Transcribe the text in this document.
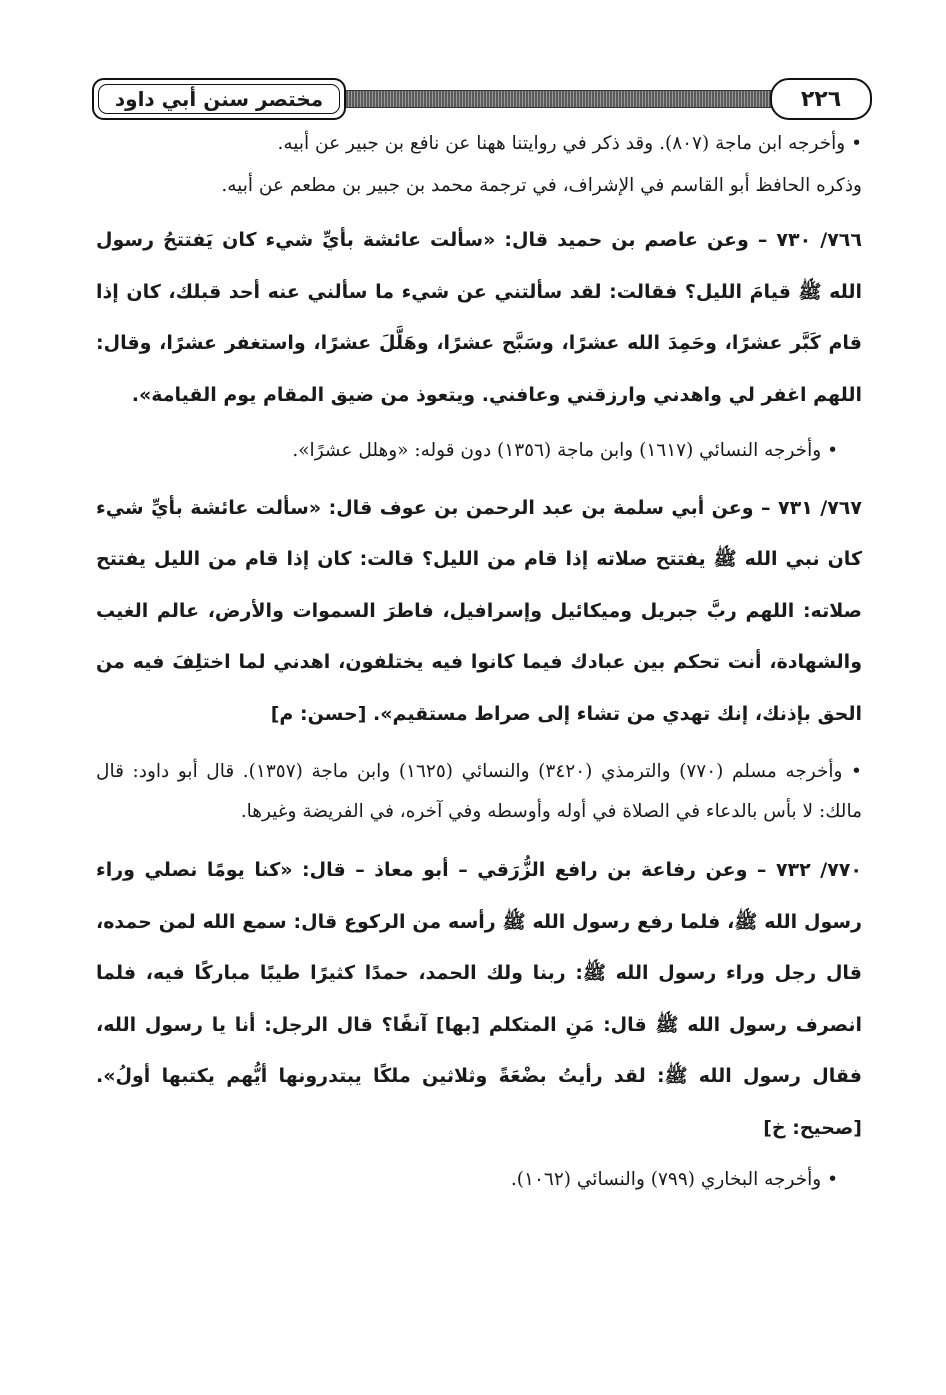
مختصر سنن أبي داود	٢٢٦

• وأخرجه ابن ماجة (٨٠٧). وقد ذكر في روايتنا ههنا عن نافع بن جبير عن أبيه.

وذكره الحافظ أبو القاسم في الإشراف، في ترجمة محمد بن جبير بن مطعم عن أبيه.

٧٦٦/ ٧٣٠ – وعن عاصم بن حميد قال: «سألت عائشة بأيِّ شيء كان يَفتتحُ رسول الله ﷺ قيامَ الليل؟ فقالت: لقد سألتني عن شيء ما سألني عنه أحد قبلك، كان إذا قام كَبَّر عشرًا، وحَمِدَ الله عشرًا، وسَبَّح عشرًا، وهَلَّلَ عشرًا، واستغفر عشرًا، وقال: اللهم اغفر لي واهدني وارزقني وعافني. ويتعوذ من ضيق المقام يوم القيامة».

• وأخرجه النسائي (١٦١٧) وابن ماجة (١٣٥٦) دون قوله: «وهلل عشرًا».

٧٦٧/ ٧٣١ – وعن أبي سلمة بن عبد الرحمن بن عوف قال: «سألت عائشة بأيِّ شيء كان نبي الله ﷺ يفتتح صلاته إذا قام من الليل؟ قالت: كان إذا قام من الليل يفتتح صلاته: اللهم ربَّ جبريل وميكائيل وإسرافيل، فاطرَ السموات والأرض، عالم الغيب والشهادة، أنت تحكم بين عبادك فيما كانوا فيه يختلفون، اهدني لما اختلِفَ فيه من الحق بإذنك، إنك تهدي من تشاء إلى صراط مستقيم». [حسن: م]

• وأخرجه مسلم (٧٧٠) والترمذي (٣٤٢٠) والنسائي (١٦٢٥) وابن ماجة (١٣٥٧). قال أبو داود: قال مالك: لا بأس بالدعاء في الصلاة في أوله وأوسطه وفي آخره، في الفريضة وغيرها.

٧٧٠/ ٧٣٢ – وعن رفاعة بن رافع الزُّرَقي – أبو معاذ – قال: «كنا يومًا نصلي وراء رسول الله ﷺ، فلما رفع رسول الله ﷺ رأسه من الركوع قال: سمع الله لمن حمده، قال رجل وراء رسول الله ﷺ: ربنا ولك الحمد، حمدًا كثيرًا طيبًا مباركًا فيه، فلما انصرف رسول الله ﷺ قال: مَنِ المتكلم [بها] آنفًا؟ قال الرجل: أنا يا رسول الله، فقال رسول الله ﷺ: لقد رأيتُ بضْعَةً وثلاثين ملكًا يبتدرونها أيُّهم يكتبها أولُ». [صحيح: خ]

• وأخرجه البخاري (٧٩٩) والنسائي (١٠٦٢).
